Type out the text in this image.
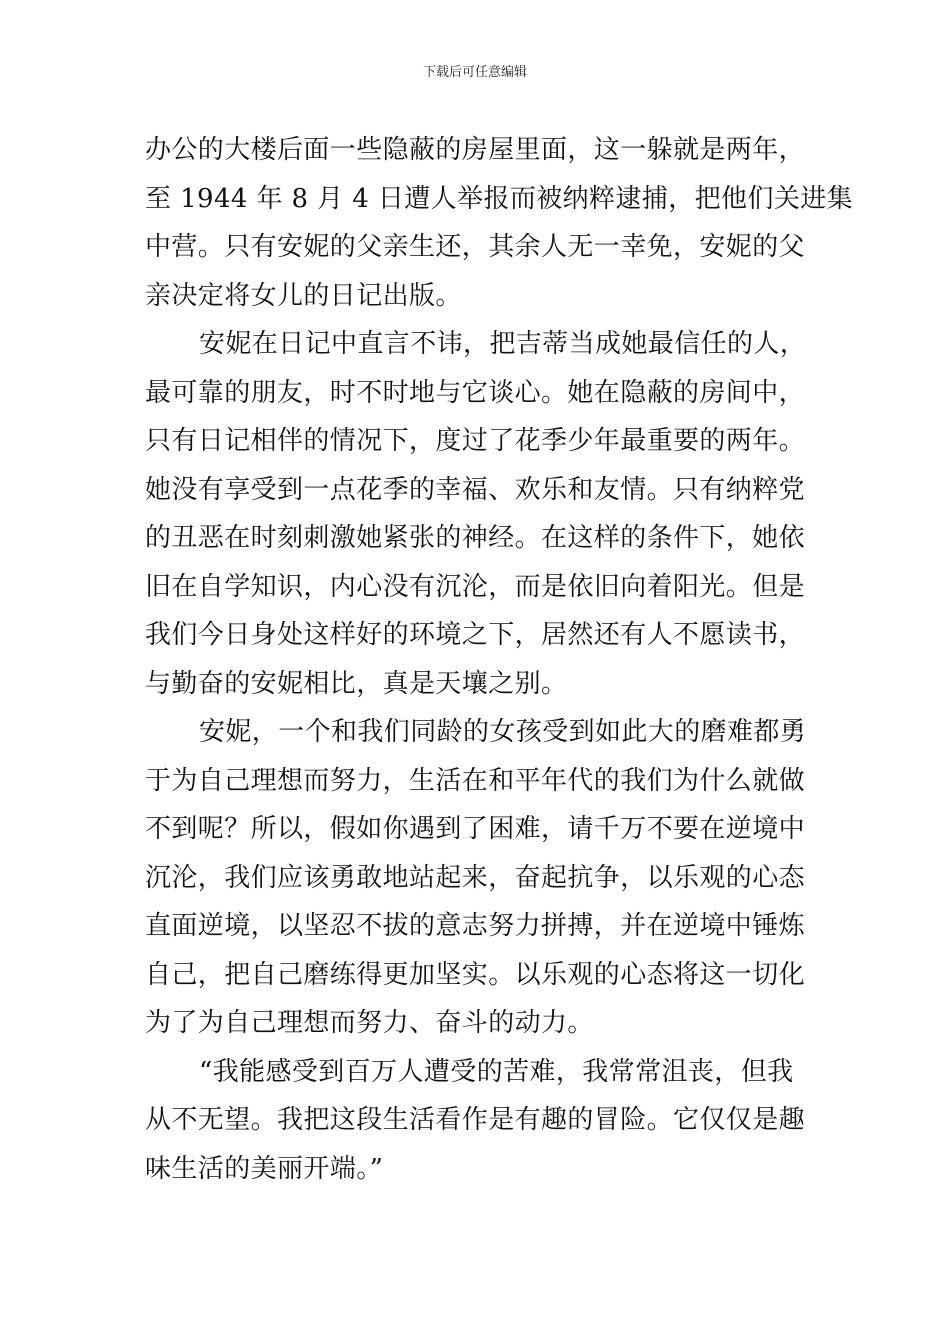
下载后可任意编辑
办公的大楼后面一些隐蔽的房屋里面，这一躲就是两年，
至 1944 年 8 月 4 日遭人举报而被纳粹逮捕，把他们关进集
中营。只有安妮的父亲生还，其余人无一幸免，安妮的父
亲决定将女儿的日记出版。
安妮在日记中直言不讳，把吉蒂当成她最信任的人，
最可靠的朋友，时不时地与它谈心。她在隐蔽的房间中，
只有日记相伴的情况下，度过了花季少年最重要的两年。
她没有享受到一点花季的幸福、欢乐和友情。只有纳粹党
的丑恶在时刻刺激她紧张的神经。在这样的条件下，她依
旧在自学知识，内心没有沉沦，而是依旧向着阳光。但是
我们今日身处这样好的环境之下，居然还有人不愿读书，
与勤奋的安妮相比，真是天壤之别。
安妮，一个和我们同龄的女孩受到如此大的磨难都勇
于为自己理想而努力，生活在和平年代的我们为什么就做
不到呢？所以，假如你遇到了困难，请千万不要在逆境中
沉沦，我们应该勇敢地站起来，奋起抗争，以乐观的心态
直面逆境，以坚忍不拔的意志努力拼搏，并在逆境中锤炼
自己，把自己磨练得更加坚实。以乐观的心态将这一切化
为了为自己理想而努力、奋斗的动力。
“我能感受到百万人遭受的苦难，我常常沮丧，但我
从不无望。我把这段生活看作是有趣的冒险。它仅仅是趣
味生活的美丽开端。”
